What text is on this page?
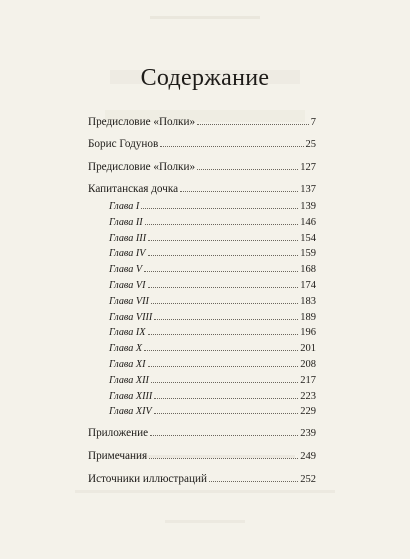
Содержание
Предисловие «Полки»	7
Борис Годунов	25
Предисловие «Полки»	127
Капитанская дочка	137
Глава I	139
Глава II	146
Глава III	154
Глава IV	159
Глава V	168
Глава VI	174
Глава VII	183
Глава VIII	189
Глава IX	196
Глава X	201
Глава XI	208
Глава XII	217
Глава XIII	223
Глава XIV	229
Приложение	239
Примечания	249
Источники иллюстраций	252
